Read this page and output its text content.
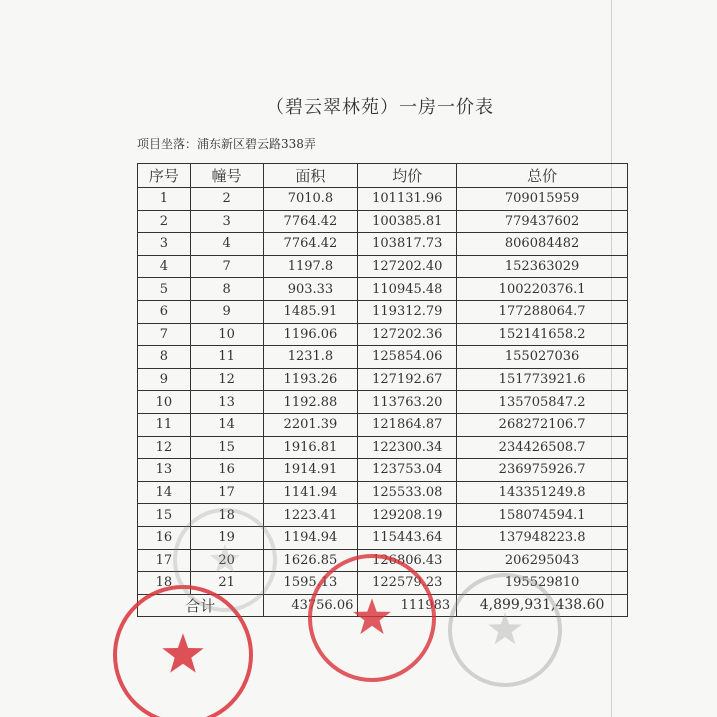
（碧云翠林苑）一房一价表
项目坐落：浦东新区碧云路338弄
序号	幢号	面积	均价	总价
1	2	7010.8	101131.96	709015959
2	3	7764.42	100385.81	779437602
3	4	7764.42	103817.73	806084482
4	7	1197.8	127202.40	152363029
5	8	903.33	110945.48	100220376.1
6	9	1485.91	119312.79	177288064.7
7	10	1196.06	127202.36	152141658.2
8	11	1231.8	125854.06	155027036
9	12	1193.26	127192.67	151773921.6
10	13	1192.88	113763.20	135705847.2
11	14	2201.39	121864.87	268272106.7
12	15	1916.81	122300.34	234426508.7
13	16	1914.91	123753.04	236975926.7
14	17	1141.94	125533.08	143351249.8
15	18	1223.41	129208.19	158074594.1
16	19	1194.94	115443.64	137948223.8
17	20	1626.85	126806.43	206295043
18	21	1595.13	122579.23	195529810
合计		43756.06	111983	4,899,931,438.60
